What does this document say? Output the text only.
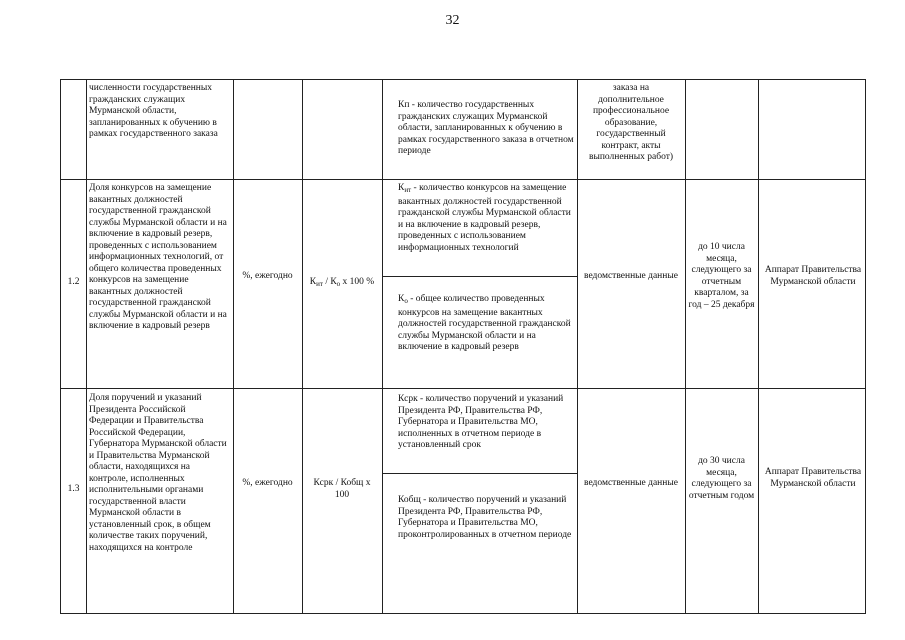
32
численности государственных гражданских служащих Мурманской области, запланированных к обучению в рамках государственного заказа
Кп - количество государственных гражданских служащих Мурманской области, запланированных к обучению в рамках государственного заказа в отчетном периоде
заказа на дополнительное профессиональное образование, государственный контракт, акты выполненных работ)
1.2
Доля конкурсов на замещение вакантных должностей государственной гражданской службы Мурманской области и на включение в кадровый резерв, проведенных с использованием информационных технологий, от общего количества проведенных конкурсов на замещение вакантных должностей государственной гражданской службы Мурманской области и на включение в кадровый резерв
%, ежегодно
$К_{ит} / К_о$ х 100 %
$К_{ит}$ - количество конкурсов на замещение вакантных должностей государственной гражданской службы Мурманской области и на включение в кадровый резерв, проведенных с использованием информационных технологий
$К_о$ - общее количество проведенных конкурсов на замещение вакантных должностей государственной гражданской службы Мурманской области и на включение в кадровый резерв
ведомственные данные
до 10 числа месяца, следующего за отчетным кварталом, за год – 25 декабря
Аппарат Правительства Мурманской области
1.3
Доля поручений и указаний Президента Российской Федерации и Правительства Российской Федерации, Губернатора Мурманской области и Правительства Мурманской области, находящихся на контроле, исполненных исполнительными органами государственной власти Мурманской области в установленный срок, в общем количестве таких поручений, находящихся на контроле
%, ежегодно	Ксрк / Кобщ х 100
Ксрк - количество поручений и указаний Президента РФ, Правительства РФ, Губернатора и Правительства МО, исполненных в отчетном периоде в установленный срок
Кобщ - количество поручений и указаний Президента РФ, Правительства РФ, Губернатора и Правительства МО, проконтролированных в отчетном периоде
ведомственные данные
до 30 числа месяца, следующего за отчетным годом
Аппарат Правительства Мурманской области
